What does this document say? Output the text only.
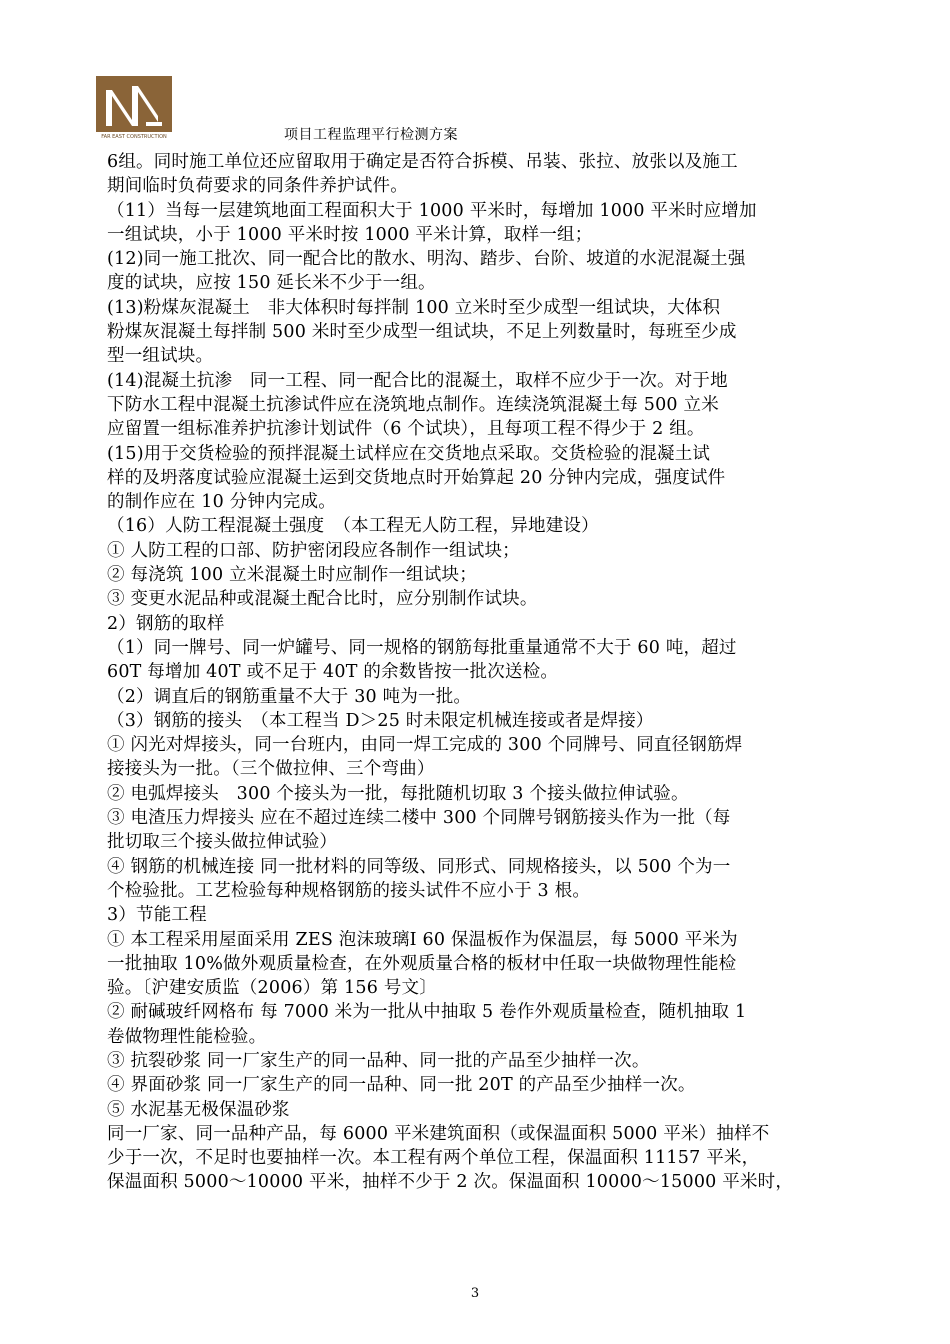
FAR EAST CONSTRUCTION	项目工程监理平行检测方案
6组。同时施工单位还应留取用于确定是否符合拆模、吊装、张拉、放张以及施工
期间临时负荷要求的同条件养护试件。
（11）当每一层建筑地面工程面积大于 1000 平米时，每增加 1000 平米时应增加
一组试块，小于 1000 平米时按 1000 平米计算，取样一组；
(12)同一施工批次、同一配合比的散水、明沟、踏步、台阶、坡道的水泥混凝土强
度的试块，应按 150 延长米不少于一组。
(13)粉煤灰混凝土　非大体积时每拌制 100 立米时至少成型一组试块，大体积
粉煤灰混凝土每拌制 500 米时至少成型一组试块，不足上列数量时，每班至少成
型一组试块。
(14)混凝土抗渗　同一工程、同一配合比的混凝土，取样不应少于一次。对于地
下防水工程中混凝土抗渗试件应在浇筑地点制作。连续浇筑混凝土每 500 立米
应留置一组标准养护抗渗计划试件（6 个试块），且每项工程不得少于 2 组。
(15)用于交货检验的预拌混凝土试样应在交货地点采取。交货检验的混凝土试
样的及坍落度试验应混凝土运到交货地点时开始算起 20 分钟内完成，强度试件
的制作应在 10 分钟内完成。
（16）人防工程混凝土强度　（本工程无人防工程，异地建设）
① 人防工程的口部、防护密闭段应各制作一组试块；
② 每浇筑 100 立米混凝土时应制作一组试块；
③ 变更水泥品种或混凝土配合比时，应分别制作试块。
2）钢筋的取样
（1）同一牌号、同一炉罐号、同一规格的钢筋每批重量通常不大于 60 吨，超过
60T 每增加 40T 或不足于 40T 的余数皆按一批次送检。
（2）调直后的钢筋重量不大于 30 吨为一批。
（3）钢筋的接头　（本工程当 D＞25 时未限定机械连接或者是焊接）
① 闪光对焊接头，同一台班内，由同一焊工完成的 300 个同牌号、同直径钢筋焊
接接头为一批。（三个做拉伸、三个弯曲）
② 电弧焊接头　300 个接头为一批，每批随机切取 3 个接头做拉伸试验。
③ 电渣压力焊接头 应在不超过连续二楼中 300 个同牌号钢筋接头作为一批（每
批切取三个接头做拉伸试验）
④ 钢筋的机械连接 同一批材料的同等级、同形式、同规格接头，以 500 个为一
个检验批。工艺检验每种规格钢筋的接头试件不应小于 3 根。
3）节能工程
① 本工程采用屋面采用 ZES 泡沫玻璃Ⅰ 60 保温板作为保温层，每 5000 平米为
一批抽取 10%做外观质量检查，在外观质量合格的板材中任取一块做物理性能检
验。〔沪建安质监（2006）第 156 号文〕
② 耐碱玻纤网格布 每 7000 米为一批从中抽取 5 卷作外观质量检查，随机抽取 1
卷做物理性能检验。
③ 抗裂砂浆 同一厂家生产的同一品种、同一批的产品至少抽样一次。
④ 界面砂浆 同一厂家生产的同一品种、同一批 20T 的产品至少抽样一次。
⑤ 水泥基无极保温砂浆
同一厂家、同一品种产品，每 6000 平米建筑面积（或保温面积 5000 平米）抽样不
少于一次，不足时也要抽样一次。本工程有两个单位工程，保温面积 11157 平米，
保温面积 5000～10000 平米，抽样不少于 2 次。保温面积 10000～15000 平米时，
3
